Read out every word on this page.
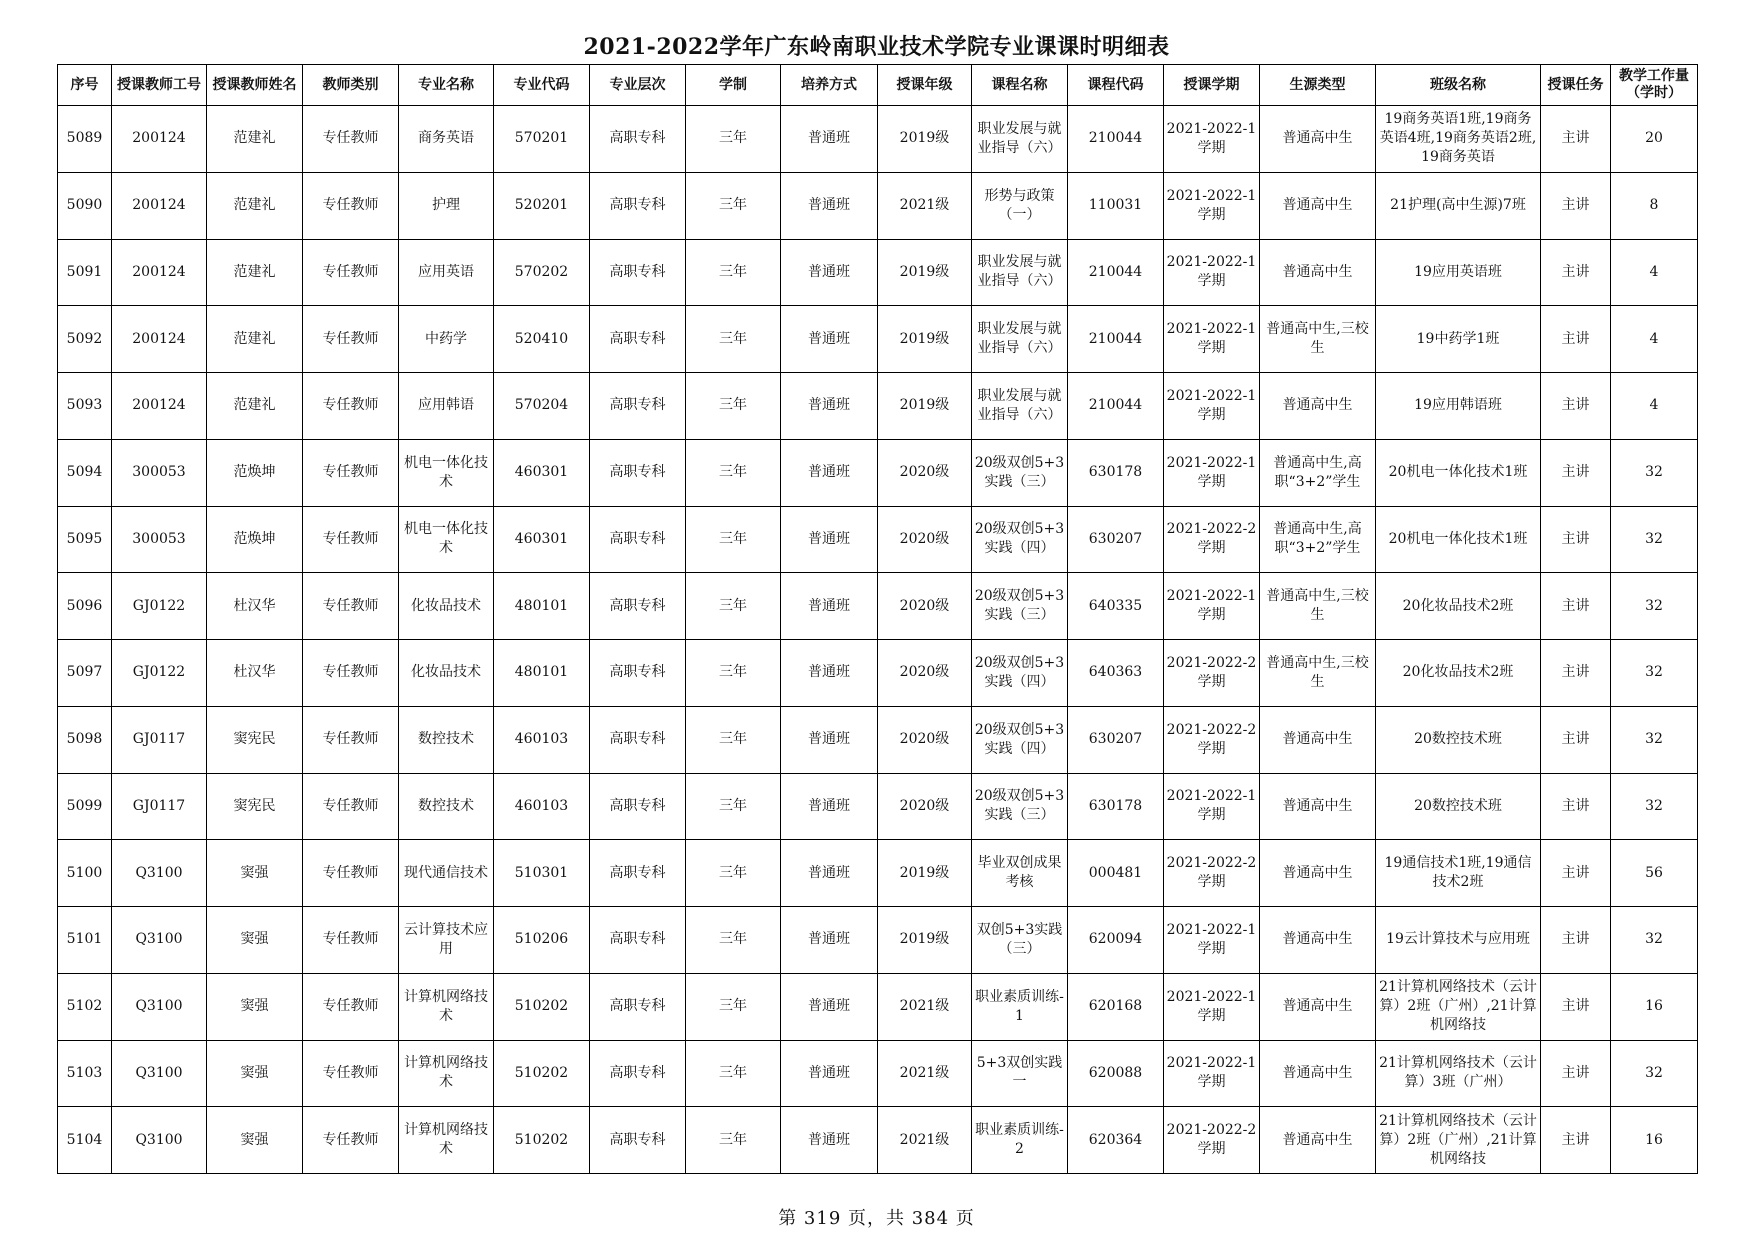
2021-2022学年广东岭南职业技术学院专业课课时明细表
序号	授课教师工号	授课教师姓名	教师类别	专业名称	专业代码	专业层次	学制	培养方式	授课年级	课程名称	课程代码	授课学期	生源类型	班级名称	授课任务	教学工作量（学时）

5089	200124	范建礼	专任教师	商务英语	570201	高职专科	三年	普通班	2019级	职业发展与就业指导（六）	210044	2021-2022-1学期	普通高中生	19商务英语1班,19商务英语4班,19商务英语2班,19商务英语	主讲	20

5090	200124	范建礼	专任教师	护理	520201	高职专科	三年	普通班	2021级	形势与政策（一）	110031	2021-2022-1学期	普通高中生	21护理(高中生源)7班	主讲	8

5091	200124	范建礼	专任教师	应用英语	570202	高职专科	三年	普通班	2019级	职业发展与就业指导（六）	210044	2021-2022-1学期	普通高中生	19应用英语班	主讲	4

5092	200124	范建礼	专任教师	中药学	520410	高职专科	三年	普通班	2019级	职业发展与就业指导（六）	210044	2021-2022-1学期	普通高中生,三校生	19中药学1班	主讲	4

5093	200124	范建礼	专任教师	应用韩语	570204	高职专科	三年	普通班	2019级	职业发展与就业指导（六）	210044	2021-2022-1学期	普通高中生	19应用韩语班	主讲	4

5094	300053	范焕坤	专任教师	机电一体化技术	460301	高职专科	三年	普通班	2020级	20级双创5+3实践（三）	630178	2021-2022-1学期	普通高中生,高职“3+2”学生	20机电一体化技术1班	主讲	32

5095	300053	范焕坤	专任教师	机电一体化技术	460301	高职专科	三年	普通班	2020级	20级双创5+3实践（四）	630207	2021-2022-2学期	普通高中生,高职“3+2”学生	20机电一体化技术1班	主讲	32

5096	GJ0122	杜汉华	专任教师	化妆品技术	480101	高职专科	三年	普通班	2020级	20级双创5+3实践（三）	640335	2021-2022-1学期	普通高中生,三校生	20化妆品技术2班	主讲	32

5097	GJ0122	杜汉华	专任教师	化妆品技术	480101	高职专科	三年	普通班	2020级	20级双创5+3实践（四）	640363	2021-2022-2学期	普通高中生,三校生	20化妆品技术2班	主讲	32

5098	GJ0117	窦宪民	专任教师	数控技术	460103	高职专科	三年	普通班	2020级	20级双创5+3实践（四）	630207	2021-2022-2学期	普通高中生	20数控技术班	主讲	32

5099	GJ0117	窦宪民	专任教师	数控技术	460103	高职专科	三年	普通班	2020级	20级双创5+3实践（三）	630178	2021-2022-1学期	普通高中生	20数控技术班	主讲	32

5100	Q3100	窦强	专任教师	现代通信技术	510301	高职专科	三年	普通班	2019级	毕业双创成果考核	000481	2021-2022-2学期	普通高中生	19通信技术1班,19通信技术2班	主讲	56

5101	Q3100	窦强	专任教师	云计算技术应用	510206	高职专科	三年	普通班	2019级	双创5+3实践（三）	620094	2021-2022-1学期	普通高中生	19云计算技术与应用班	主讲	32

5102	Q3100	窦强	专任教师	计算机网络技术	510202	高职专科	三年	普通班	2021级	职业素质训练-1	620168	2021-2022-1学期	普通高中生	21计算机网络技术（云计算）2班（广州）,21计算机网络技	主讲	16

5103	Q3100	窦强	专任教师	计算机网络技术	510202	高职专科	三年	普通班	2021级	5+3双创实践一	620088	2021-2022-1学期	普通高中生	21计算机网络技术（云计算）3班（广州）	主讲	32

5104	Q3100	窦强	专任教师	计算机网络技术	510202	高职专科	三年	普通班	2021级	职业素质训练-2	620364	2021-2022-2学期	普通高中生	21计算机网络技术（云计算）2班（广州）,21计算机网络技	主讲	16
第 319 页，共 384 页
